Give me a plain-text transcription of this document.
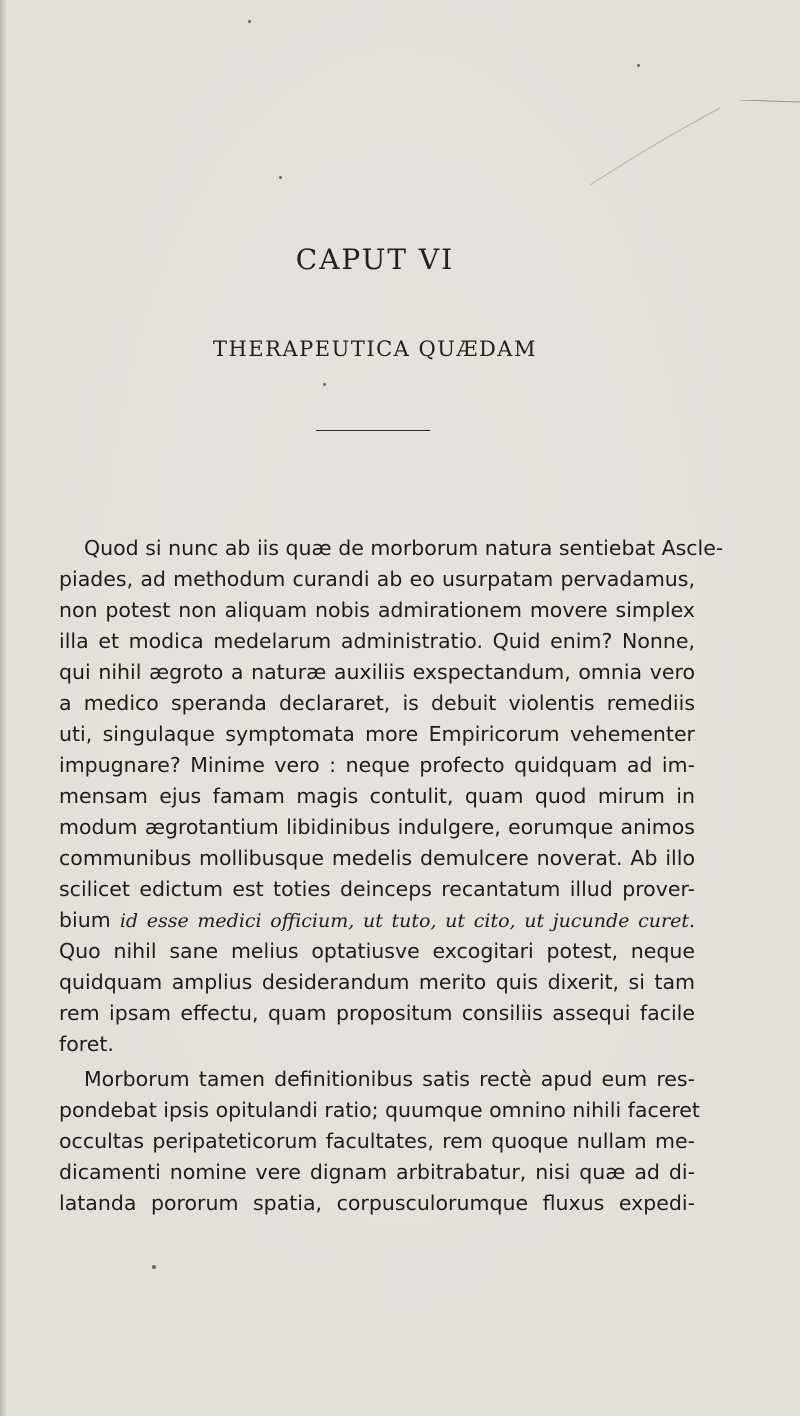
CAPUT VI
THERAPEUTICA QUÆDAM
Quod si nunc ab iis quæ de morborum natura sentiebat Ascle-
piades, ad methodum curandi ab eo usurpatam pervadamus,
non potest non aliquam nobis admirationem movere simplex
illa et modica medelarum administratio. Quid enim? Nonne,
qui nihil ægroto a naturæ auxiliis exspectandum, omnia vero
a medico speranda declararet, is debuit violentis remediis
uti, singulaque symptomata more Empiricorum vehementer
impugnare? Minime vero : neque profecto quidquam ad im-
mensam ejus famam magis contulit, quam quod mirum in
modum ægrotantium libidinibus indulgere, eorumque animos
communibus mollibusque medelis demulcere noverat. Ab illo
scilicet edictum est toties deinceps recantatum illud prover-
bium id esse medici officium, ut tuto, ut cito, ut jucunde curet.
Quo nihil sane melius optatiusve excogitari potest, neque
quidquam amplius desiderandum merito quis dixerit, si tam
rem ipsam effectu, quam propositum consiliis assequi facile
foret.
Morborum tamen definitionibus satis rectè apud eum res-
pondebat ipsis opitulandi ratio; quumque omnino nihili faceret
occultas peripateticorum facultates, rem quoque nullam me-
dicamenti nomine vere dignam arbitrabatur, nisi quæ ad di-
latanda pororum spatia, corpusculorumque fluxus expedi-
